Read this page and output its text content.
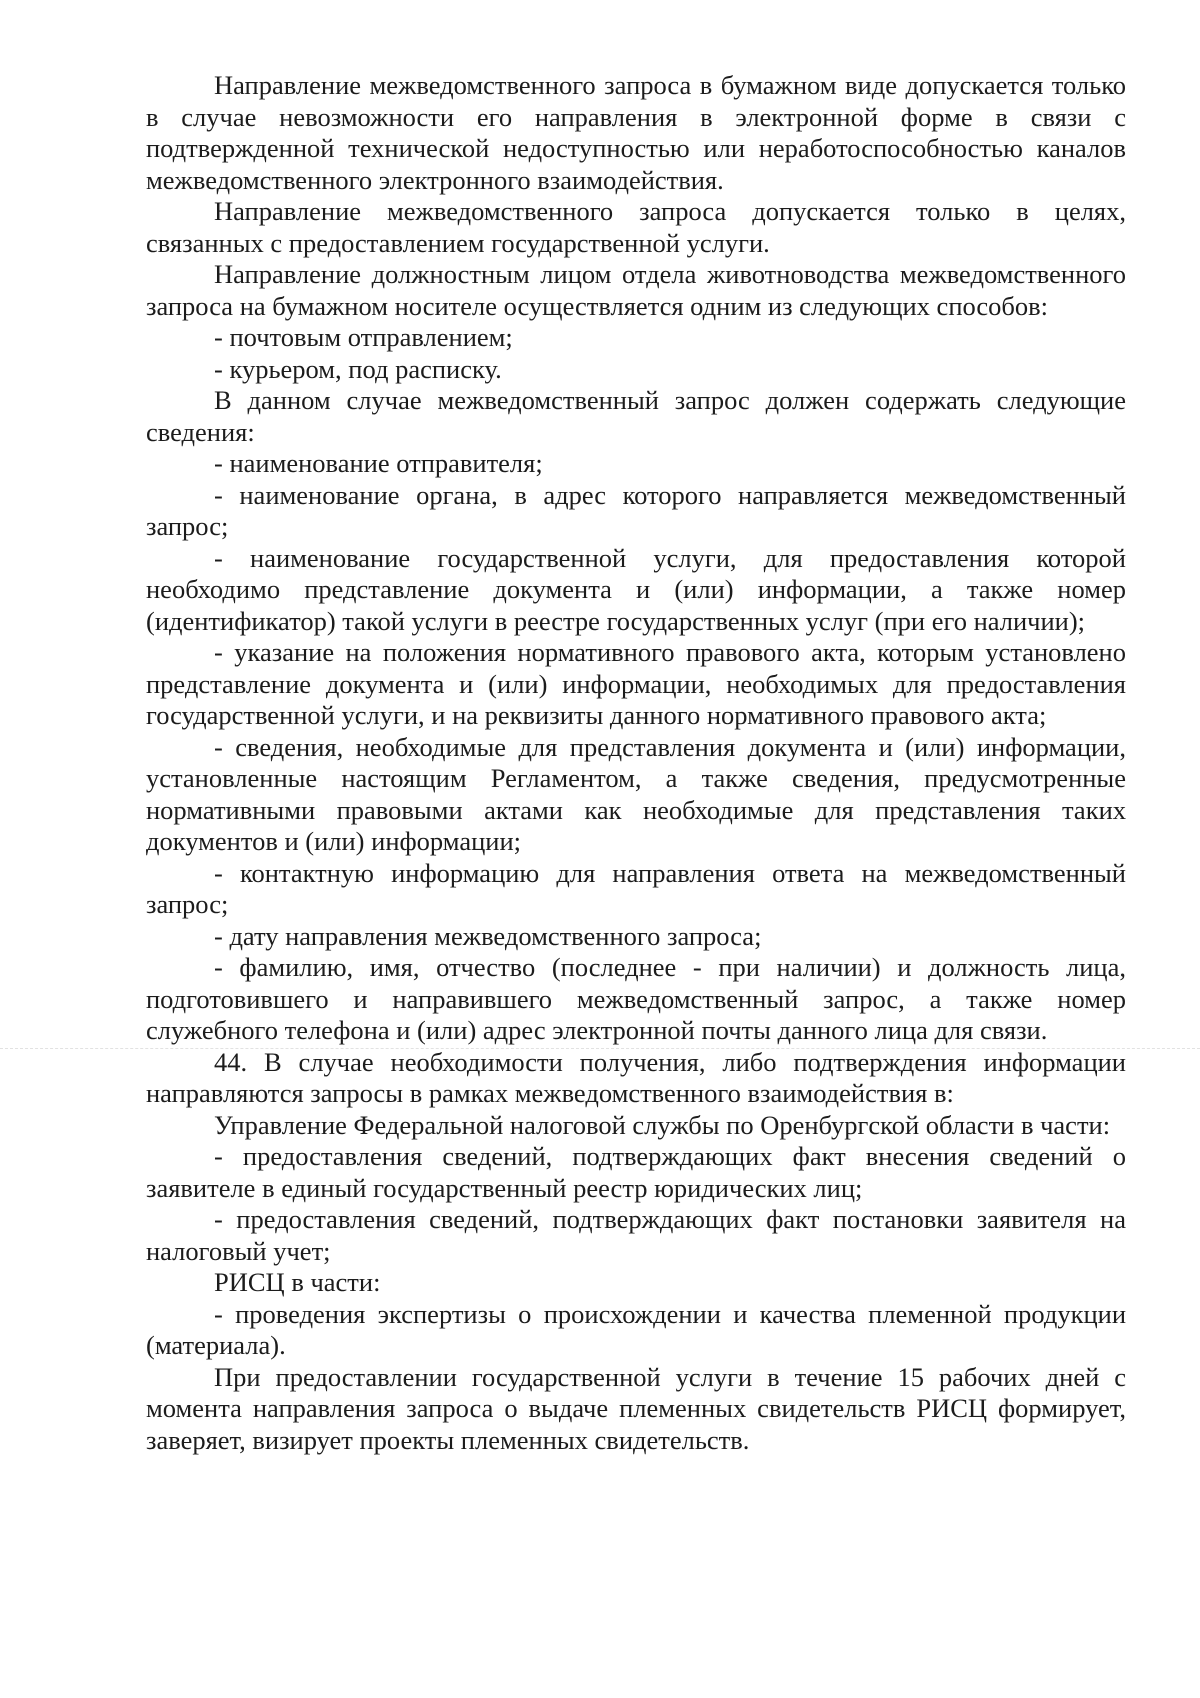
Направление межведомственного запроса в бумажном виде допускается только в случае невозможности его направления в электронной форме в связи с подтвержденной технической недоступностью или неработоспособностью каналов межведомственного электронного взаимодействия.

Направление межведомственного запроса допускается только в целях, связанных с предоставлением государственной услуги.

Направление должностным лицом отдела животноводства межведомственного запроса на бумажном носителе осуществляется одним из следующих способов:

- почтовым отправлением;

- курьером, под расписку.

В данном случае межведомственный запрос должен содержать следующие сведения:

- наименование отправителя;

- наименование органа, в адрес которого направляется межведомственный запрос;

- наименование государственной услуги, для предоставления которой необходимо представление документа и (или) информации, а также номер (идентификатор) такой услуги в реестре государственных услуг (при его наличии);

- указание на положения нормативного правового акта, которым установлено представление документа и (или) информации, необходимых для предоставления государственной услуги, и на реквизиты данного нормативного правового акта;

- сведения, необходимые для представления документа и (или) информации, установленные настоящим Регламентом, а также сведения, предусмотренные нормативными правовыми актами как необходимые для представления таких документов и (или) информации;

- контактную информацию для направления ответа на межведомственный запрос;

- дату направления межведомственного запроса;

- фамилию, имя, отчество (последнее - при наличии) и должность лица, подготовившего и направившего межведомственный запрос, а также номер служебного телефона и (или) адрес электронной почты данного лица для связи.

44. В случае необходимости получения, либо подтверждения информации направляются запросы в рамках межведомственного взаимодействия в:

Управление Федеральной налоговой службы по Оренбургской области в части:

- предоставления сведений, подтверждающих факт внесения сведений о заявителе в единый государственный реестр юридических лиц;

- предоставления сведений, подтверждающих факт постановки заявителя на налоговый учет;

РИСЦ в части:

- проведения экспертизы о происхождении и качества племенной продукции (материала).

При предоставлении государственной услуги в течение 15 рабочих дней с момента направления запроса о выдаче племенных свидетельств РИСЦ формирует, заверяет, визирует проекты племенных свидетельств.
